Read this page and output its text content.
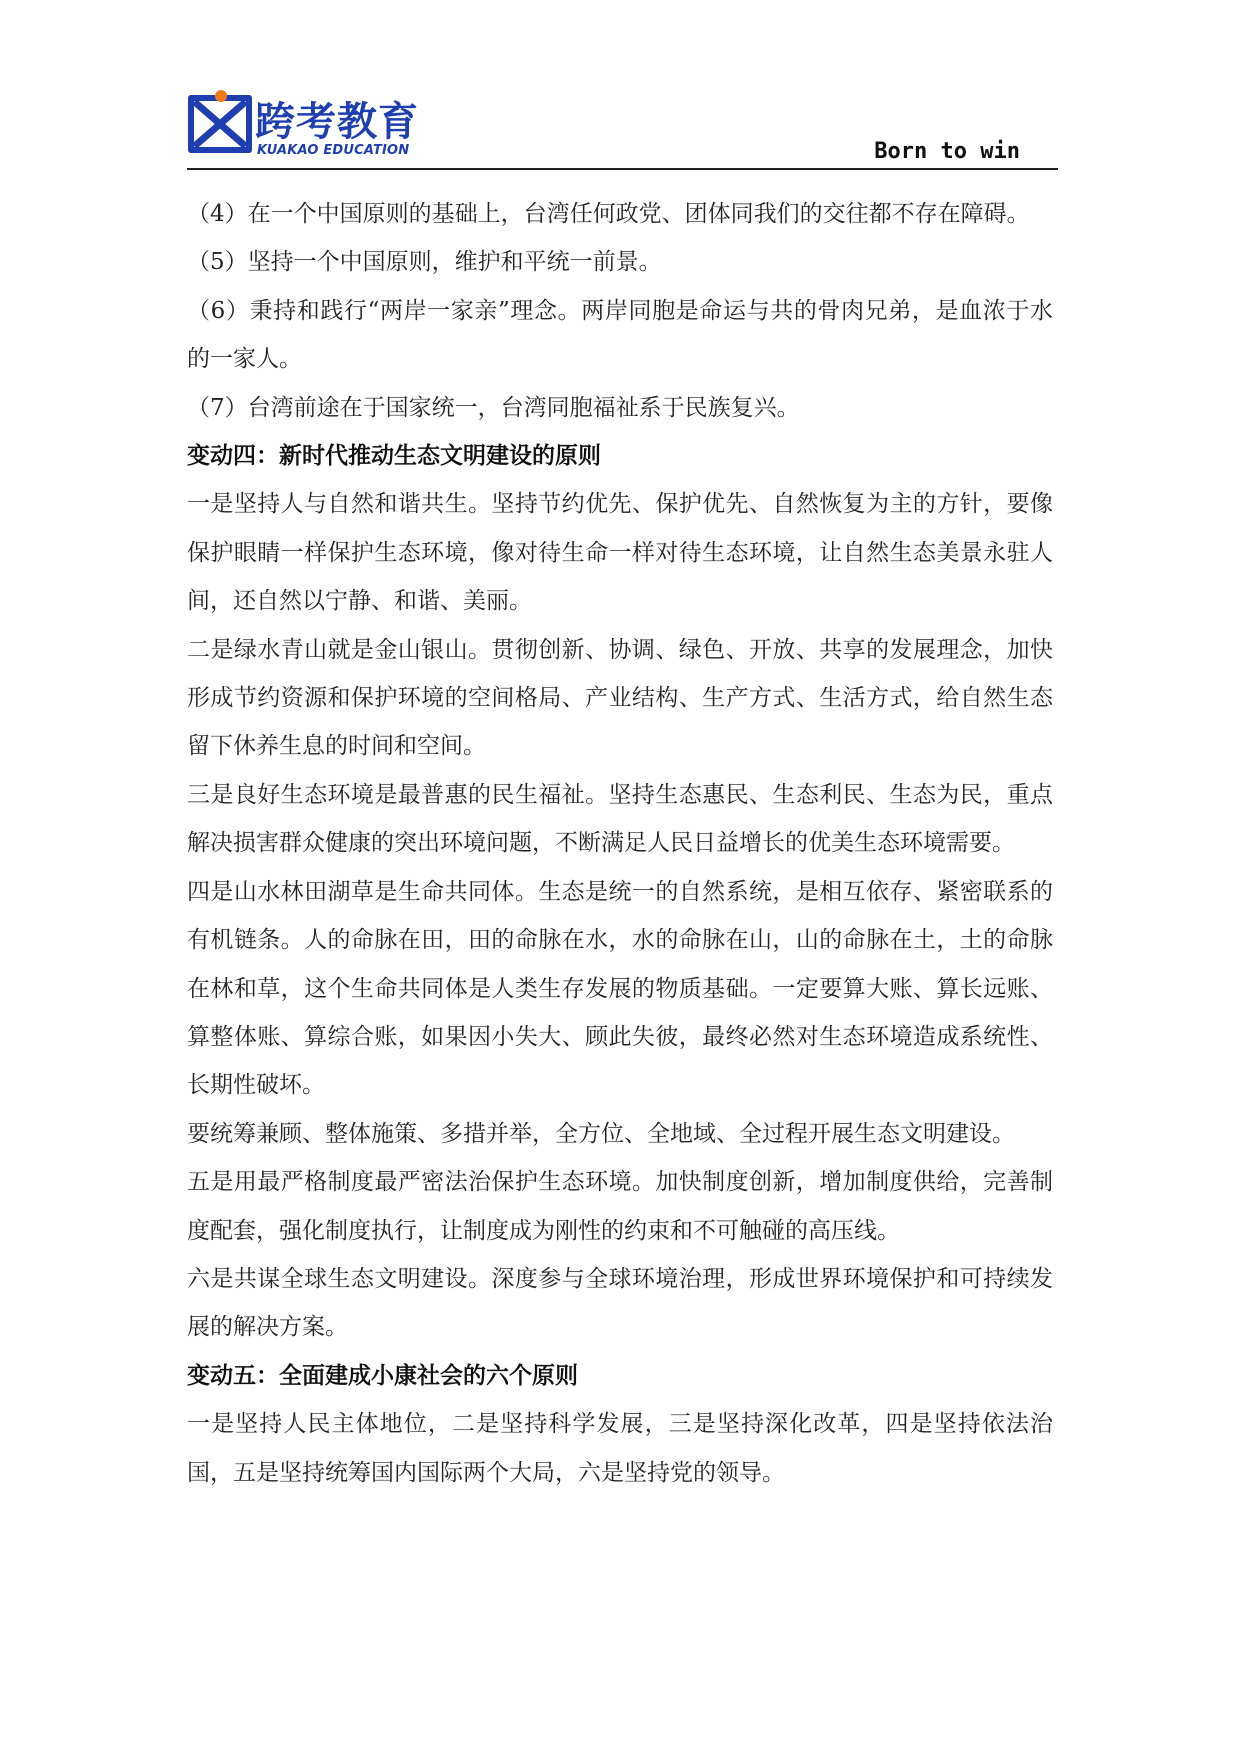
跨考教育
KUAKAO EDUCATION	Born to win

（4）在一个中国原则的基础上，台湾任何政党、团体同我们的交往都不存在障碍。

（5）坚持一个中国原则，维护和平统一前景。

（6）秉持和践行“两岸一家亲”理念。两岸同胞是命运与共的骨肉兄弟，是血浓于水的一家人。

（7）台湾前途在于国家统一，台湾同胞福祉系于民族复兴。

变动四：新时代推动生态文明建设的原则

一是坚持人与自然和谐共生。坚持节约优先、保护优先、自然恢复为主的方针，要像保护眼睛一样保护生态环境，像对待生命一样对待生态环境，让自然生态美景永驻人间，还自然以宁静、和谐、美丽。

二是绿水青山就是金山银山。贯彻创新、协调、绿色、开放、共享的发展理念，加快形成节约资源和保护环境的空间格局、产业结构、生产方式、生活方式，给自然生态留下休养生息的时间和空间。

三是良好生态环境是最普惠的民生福祉。坚持生态惠民、生态利民、生态为民，重点解决损害群众健康的突出环境问题，不断满足人民日益增长的优美生态环境需要。

四是山水林田湖草是生命共同体。生态是统一的自然系统，是相互依存、紧密联系的有机链条。人的命脉在田，田的命脉在水，水的命脉在山，山的命脉在土，土的命脉在林和草，这个生命共同体是人类生存发展的物质基础。一定要算大账、算长远账、算整体账、算综合账，如果因小失大、顾此失彼，最终必然对生态环境造成系统性、长期性破坏。

要统筹兼顾、整体施策、多措并举，全方位、全地域、全过程开展生态文明建设。

五是用最严格制度最严密法治保护生态环境。加快制度创新，增加制度供给，完善制度配套，强化制度执行，让制度成为刚性的约束和不可触碰的高压线。

六是共谋全球生态文明建设。深度参与全球环境治理，形成世界环境保护和可持续发展的解决方案。

变动五：全面建成小康社会的六个原则

一是坚持人民主体地位，二是坚持科学发展，三是坚持深化改革，四是坚持依法治国，五是坚持统筹国内国际两个大局，六是坚持党的领导。
